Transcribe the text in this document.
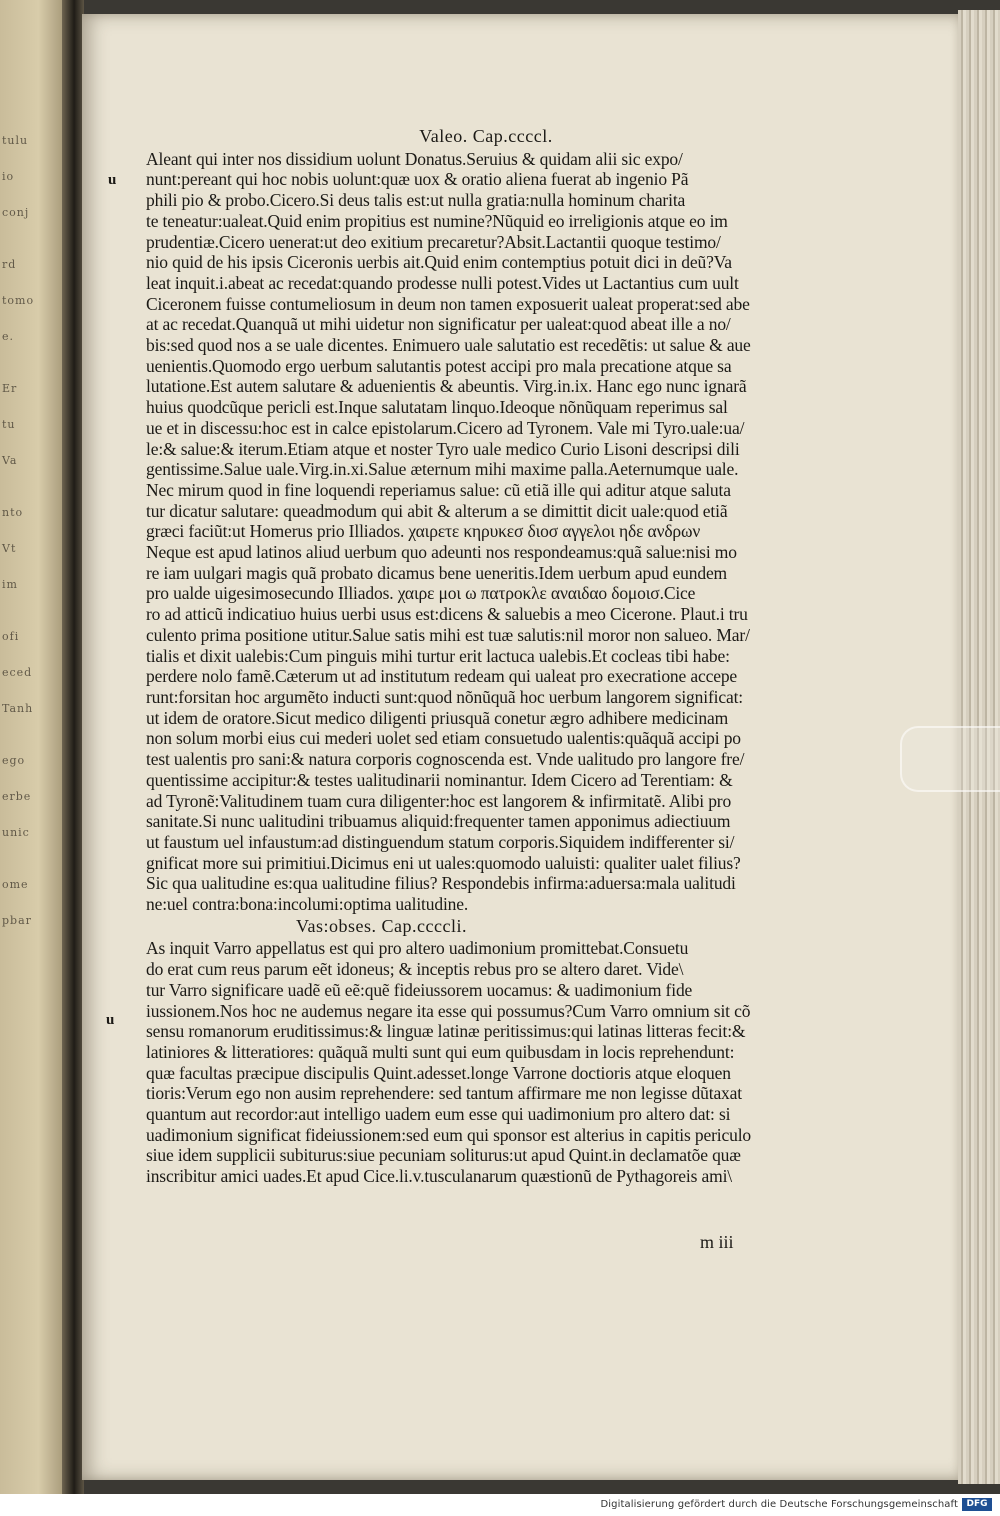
tulu
io
conj
rd
tomo
e.
Er
tu
Va
nto
Vt
im
ofi
eced
Tanh
ego
erbe
unic
ome
pbar
Valeo. Cap.ccccl.
Aleant qui inter nos dissidium uolunt Donatus.Seruius & quidam alii sic expo/
nunt:pereant qui hoc nobis uolunt:quæ uox & oratio aliena fuerat ab ingenio Pã
phili pio & probo.Cicero.Si deus talis est:ut nulla gratia:nulla hominum charita
te teneatur:ualeat.Quid enim propitius est numine?Nũquid eo irreligionis atque eo im
prudentiæ.Cicero uenerat:ut deo exitium precaretur?Absit.Lactantii quoque testimo/
nio quid de his ipsis Ciceronis uerbis ait.Quid enim contemptius potuit dici in deũ?Va
leat inquit.i.abeat ac recedat:quando prodesse nulli potest.Vides ut Lactantius cum uult
Ciceronem fuisse contumeliosum in deum non tamen exposuerit ualeat properat:sed abe
at ac recedat.Quanquã ut mihi uidetur non significatur per ualeat:quod abeat ille a no/
bis:sed quod nos a se uale dicentes. Enimuero uale salutatio est recedẽtis: ut salue & aue
uenientis.Quomodo ergo uerbum salutantis potest accipi pro mala precatione atque sa
lutatione.Est autem salutare & aduenientis & abeuntis. Virg.in.ix. Hanc ego nunc ignarã
huius quodcũque pericli est.Inque salutatam linquo.Ideoque nõnũquam reperimus sal
ue et in discessu:hoc est in calce epistolarum.Cicero ad Tyronem. Vale mi Tyro.uale:ua/
le:& salue:& iterum.Etiam atque et noster Tyro uale medico Curio Lisoni descripsi dili
gentissime.Salue uale.Virg.in.xi.Salue æternum mihi maxime palla.Aeternumque uale.
Nec mirum quod in fine loquendi reperiamus salue: cũ etiã ille qui aditur atque saluta
tur dicatur salutare: queadmodum qui abit & alterum a se dimittit dicit uale:quod etiã
græci faciũt:ut Homerus prio Illiados. χαιρετε κηρυκεσ διοσ αγγελοι ηδε ανδρων
Neque est apud latinos aliud uerbum quo adeunti nos respondeamus:quã salue:nisi mo
re iam uulgari magis quã probato dicamus bene ueneritis.Idem uerbum apud eundem
pro ualde uigesimosecundo Illiados. χαιρε μοι ω πατροκλε αναιδαο δομοισ.Cice
ro ad atticũ indicatiuo huius uerbi usus est:dicens & saluebis a meo Cicerone. Plaut.i tru
culento prima positione utitur.Salue satis mihi est tuæ salutis:nil moror non salueo. Mar/
tialis et dixit ualebis:Cum pinguis mihi turtur erit lactuca ualebis.Et cocleas tibi habe:
perdere nolo famẽ.Cæterum ut ad institutum redeam qui ualeat pro execratione accepe
runt:forsitan hoc argumẽto inducti sunt:quod nõnũquã hoc uerbum langorem significat:
ut idem de oratore.Sicut medico diligenti priusquã conetur ægro adhibere medicinam
non solum morbi eius cui mederi uolet sed etiam consuetudo ualentis:quãquã accipi po
test ualentis pro sani:& natura corporis cognoscenda est. Vnde ualitudo pro langore fre/
quentissime accipitur:& testes ualitudinarii nominantur. Idem Cicero ad Terentiam: &
ad Tyronẽ:Valitudinem tuam cura diligenter:hoc est langorem & infirmitatẽ. Alibi pro
sanitate.Si nunc ualitudini tribuamus aliquid:frequenter tamen apponimus adiectiuum
ut faustum uel infaustum:ad distinguendum statum corporis.Siquidem indifferenter si/
gnificat more sui primitiui.Dicimus eni ut uales:quomodo ualuisti: qualiter ualet filius?
Sic qua ualitudine es:qua ualitudine filius? Respondebis infirma:aduersa:mala ualitudi
ne:uel contra:bona:incolumi:optima ualitudine.
Vas:obses. Cap.ccccli.
As inquit Varro appellatus est qui pro altero uadimonium promittebat.Consuetu
do erat cum reus parum eẽt idoneus; & inceptis rebus pro se altero daret. Vide\
tur Varro significare uadẽ eũ eẽ:quẽ fideiussorem uocamus: & uadimonium fide
iussionem.Nos hoc ne audemus negare ita esse qui possumus?Cum Varro omnium sit cõ
sensu romanorum eruditissimus:& linguæ latinæ peritissimus:qui latinas litteras fecit:&
latiniores & litteratiores: quãquã multi sunt qui eum quibusdam in locis reprehendunt:
quæ facultas præcipue discipulis Quint.adesset.longe Varrone doctioris atque eloquen
tioris:Verum ego non ausim reprehendere: sed tantum affirmare me non legisse dũtaxat
quantum aut recordor:aut intelligo uadem eum esse qui uadimonium pro altero dat: si
uadimonium significat fideiussionem:sed eum qui sponsor est alterius in capitis periculo
siue idem supplicii subiturus:siue pecuniam soliturus:ut apud Quint.in declamatõe quæ
inscribitur amici uades.Et apud Cice.li.v.tusculanarum quæstionũ de Pythagoreis ami\
u
u
m iii
Digitalisierung gefördert durch die Deutsche Forschungsgemeinschaft DFG
